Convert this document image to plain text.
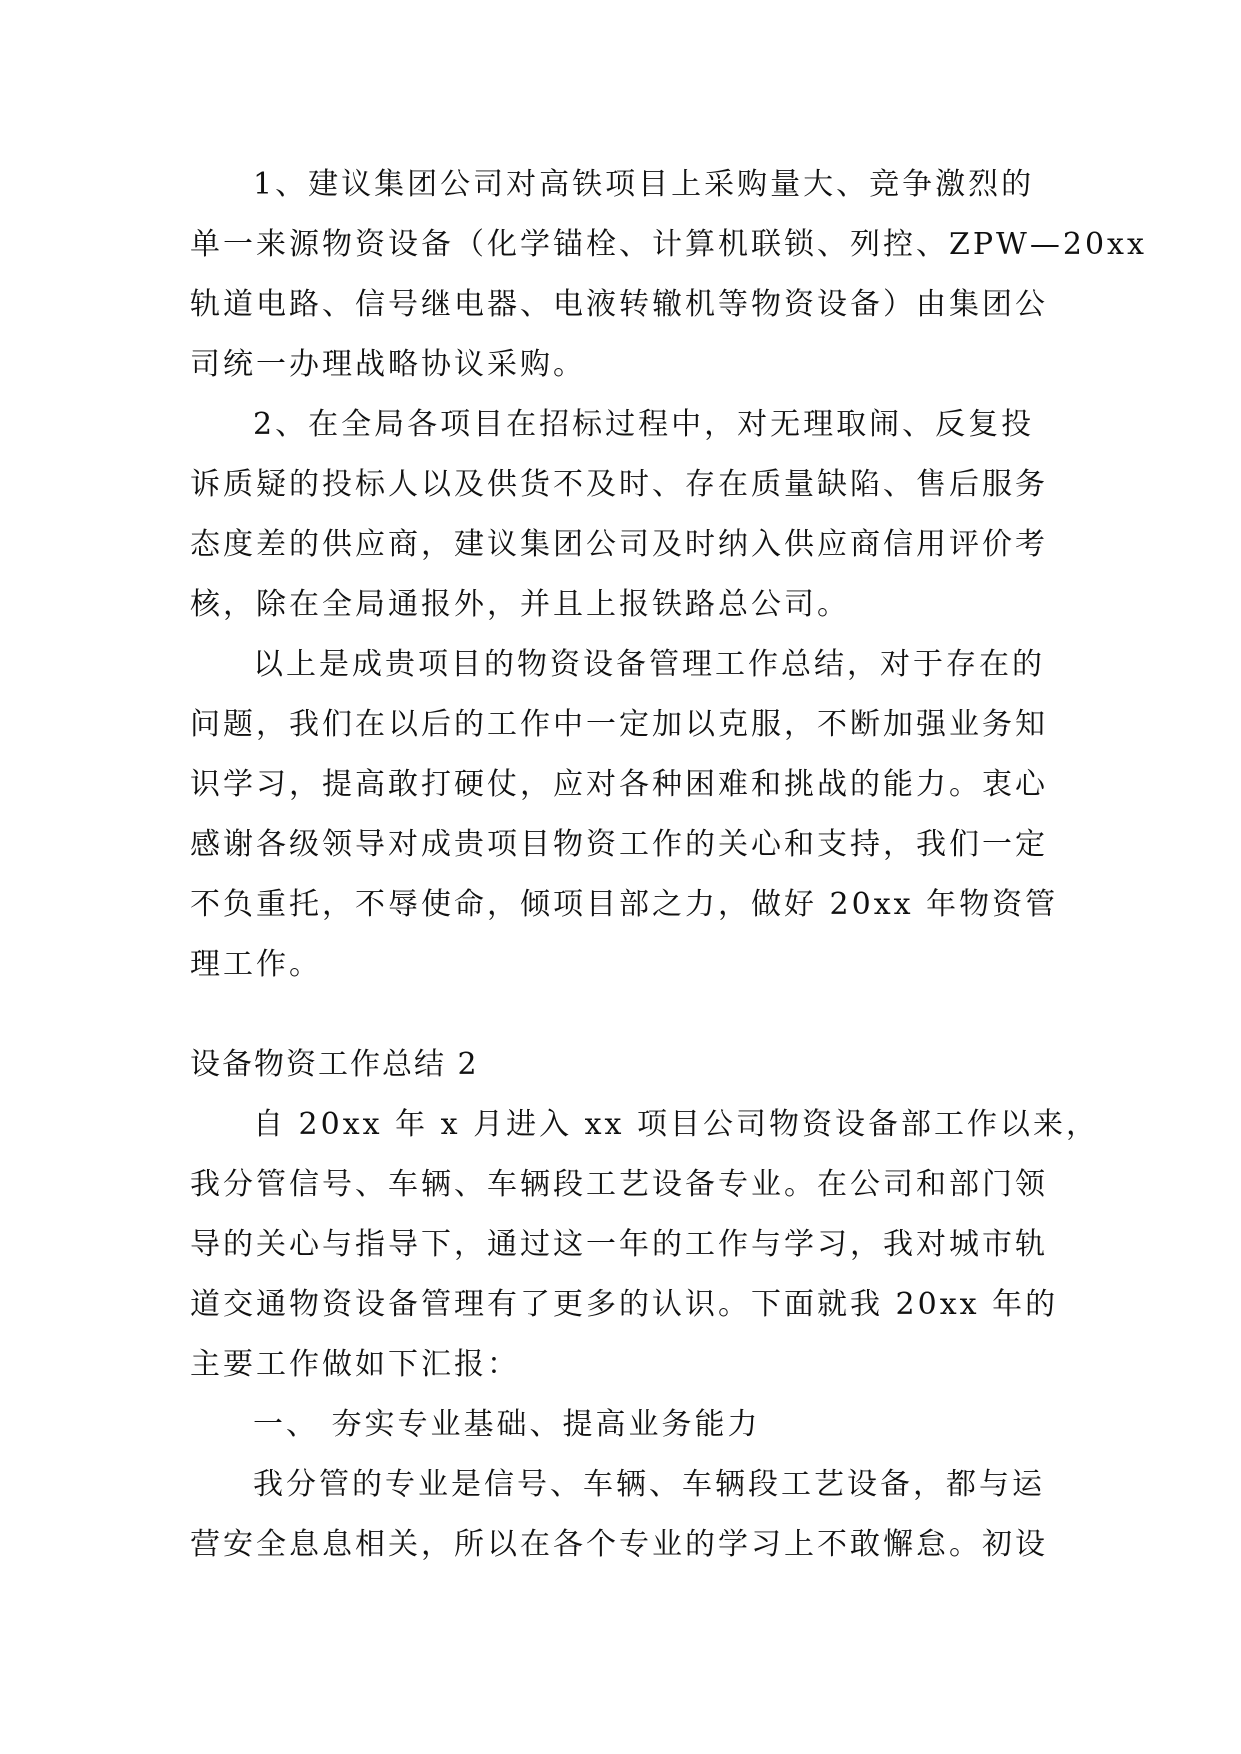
1、建议集团公司对高铁项目上采购量大、竞争激烈的
单一来源物资设备（化学锚栓、计算机联锁、列控、ZPW—20xx
轨道电路、信号继电器、电液转辙机等物资设备）由集团公
司统一办理战略协议采购。
2、在全局各项目在招标过程中，对无理取闹、反复投
诉质疑的投标人以及供货不及时、存在质量缺陷、售后服务
态度差的供应商，建议集团公司及时纳入供应商信用评价考
核，除在全局通报外，并且上报铁路总公司。
以上是成贵项目的物资设备管理工作总结，对于存在的
问题，我们在以后的工作中一定加以克服，不断加强业务知
识学习，提高敢打硬仗，应对各种困难和挑战的能力。衷心
感谢各级领导对成贵项目物资工作的关心和支持，我们一定
不负重托，不辱使命，倾项目部之力，做好 20xx 年物资管
理工作。
设备物资工作总结 2
自 20xx 年 x 月进入 xx 项目公司物资设备部工作以来，
我分管信号、车辆、车辆段工艺设备专业。在公司和部门领
导的关心与指导下，通过这一年的工作与学习，我对城市轨
道交通物资设备管理有了更多的认识。下面就我 20xx 年的
主要工作做如下汇报：
一、 夯实专业基础、提高业务能力
我分管的专业是信号、车辆、车辆段工艺设备，都与运
营安全息息相关，所以在各个专业的学习上不敢懈怠。初设
